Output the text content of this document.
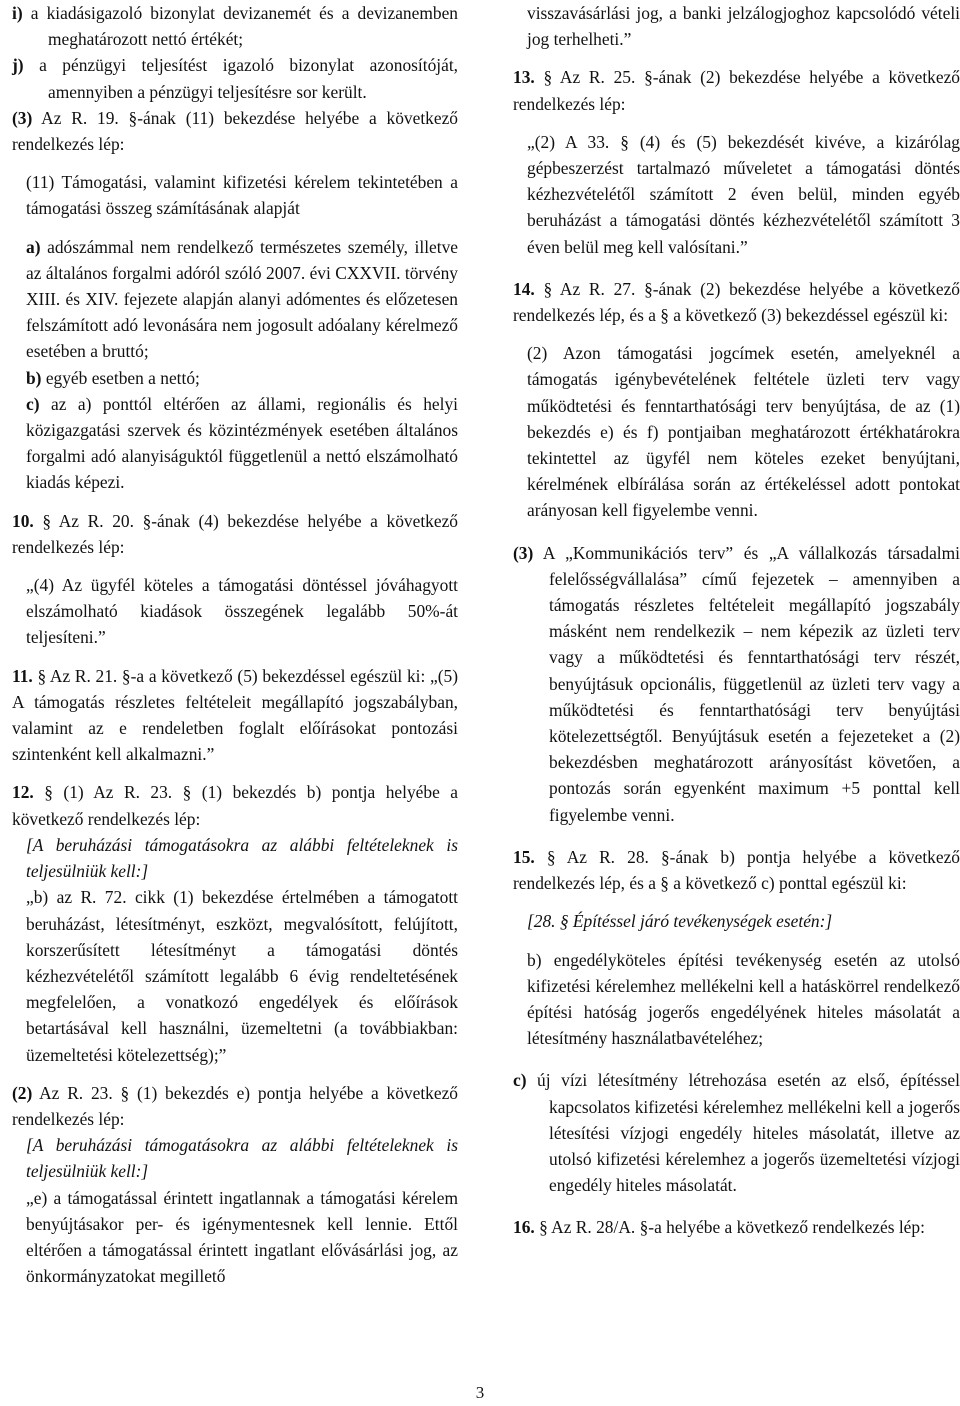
i) a kiadásigazoló bizonylat devizanemét és a devizanemben meghatározott nettó értékét;

j) a pénzügyi teljesítést igazoló bizonylat azonosítóját, amennyiben a pénzügyi teljesítésre sor került.

(3) Az R. 19. §-ának (11) bekezdése helyébe a következő rendelkezés lép:

(11) Támogatási, valamint kifizetési kérelem tekintetében a támogatási összeg számításának alapját

a) adószámmal nem rendelkező természetes személy, illetve az általános forgalmi adóról szóló 2007. évi CXXVII. törvény XIII. és XIV. fejezete alapján alanyi adómentes és előzetesen felszámított adó levonására nem jogosult adóalany kérelmező esetében a bruttó;

b) egyéb esetben a nettó;

c) az a) ponttól eltérően az állami, regionális és helyi közigazgatási szervek és közintézmények esetében általános forgalmi adó alanyiságuktól függetlenül a nettó elszámolható kiadás képezi.

10. § Az R. 20. §-ának (4) bekezdése helyébe a következő rendelkezés lép:

„(4) Az ügyfél köteles a támogatási döntéssel jóváhagyott elszámolható kiadások összegének legalább 50%-át teljesíteni.”

11. § Az R. 21. §-a a következő (5) bekezdéssel egészül ki: „(5) A támogatás részletes feltételeit megállapító jogszabályban, valamint az e rendeletben foglalt előírásokat pontozási szintenként kell alkalmazni.”

12. § (1) Az R. 23. § (1) bekezdés b) pontja helyébe a következő rendelkezés lép:

[A beruházási támogatásokra az alábbi feltételeknek is teljesülniük kell:]

„b) az R. 72. cikk (1) bekezdése értelmében a támogatott beruházást, létesítményt, eszközt, megvalósított, felújított, korszerűsített létesítményt a támogatási döntés kézhezvételétől számított legalább 6 évig rendeltetésének megfelelően, a vonatkozó engedélyek és előírások betartásával kell használni, üzemeltetni (a továbbiakban: üzemeltetési kötelezettség);”

(2) Az R. 23. § (1) bekezdés e) pontja helyébe a következő rendelkezés lép:

[A beruházási támogatásokra az alábbi feltételeknek is teljesülniük kell:]

„e) a támogatással érintett ingatlannak a támogatási kérelem benyújtásakor per- és igénymentesnek kell lennie. Ettől eltérően a támogatással érintett ingatlant elővásárlási jog, az önkormányzatokat megillető

visszavásárlási jog, a banki jelzálogjoghoz kapcsolódó vételi jog terhelheti.”

13. § Az R. 25. §-ának (2) bekezdése helyébe a következő rendelkezés lép:

„(2) A 33. § (4) és (5) bekezdését kivéve, a kizárólag gépbeszerzést tartalmazó műveletet a támogatási döntés kézhezvételétől számított 2 éven belül, minden egyéb beruházást a támogatási döntés kézhezvételétől számított 3 éven belül meg kell valósítani.”

14. § Az R. 27. §-ának (2) bekezdése helyébe a következő rendelkezés lép, és a § a következő (3) bekezdéssel egészül ki:

(2) Azon támogatási jogcímek esetén, amelyeknél a támogatás igénybevételének feltétele üzleti terv vagy működtetési és fenntarthatósági terv benyújtása, de az (1) bekezdés e) és f) pontjaiban meghatározott értékhatárokra tekintettel az ügyfél nem köteles ezeket benyújtani, kérelmének elbírálása során az értékeléssel adott pontokat arányosan kell figyelembe venni.

(3) A „Kommunikációs terv” és „A vállalkozás társadalmi felelősségvállalása” című fejezetek – amennyiben a támogatás részletes feltételeit megállapító jogszabály másként nem rendelkezik – nem képezik az üzleti terv vagy a működtetési és fenntarthatósági terv részét, benyújtásuk opcionális, függetlenül az üzleti terv vagy a működtetési és fenntarthatósági terv benyújtási kötelezettségtől. Benyújtásuk esetén a fejezeteket a (2) bekezdésben meghatározott arányosítást követően, a pontozás során egyenként maximum +5 ponttal kell figyelembe venni.

15. § Az R. 28. §-ának b) pontja helyébe a következő rendelkezés lép, és a § a következő c) ponttal egészül ki:

[28. § Építéssel járó tevékenységek esetén:]

b) engedélyköteles építési tevékenység esetén az utolsó kifizetési kérelemhez mellékelni kell a hatáskörrel rendelkező építési hatóság jogerős engedélyének hiteles másolatát a létesítmény használatbavételéhez;

c) új vízi létesítmény létrehozása esetén az első, építéssel kapcsolatos kifizetési kérelemhez mellékelni kell a jogerős létesítési vízjogi engedély hiteles másolatát, illetve az utolsó kifizetési kérelemhez a jogerős üzemeltetési vízjogi engedély hiteles másolatát.

16. § Az R. 28/A. §-a helyébe a következő rendelkezés lép:

3
